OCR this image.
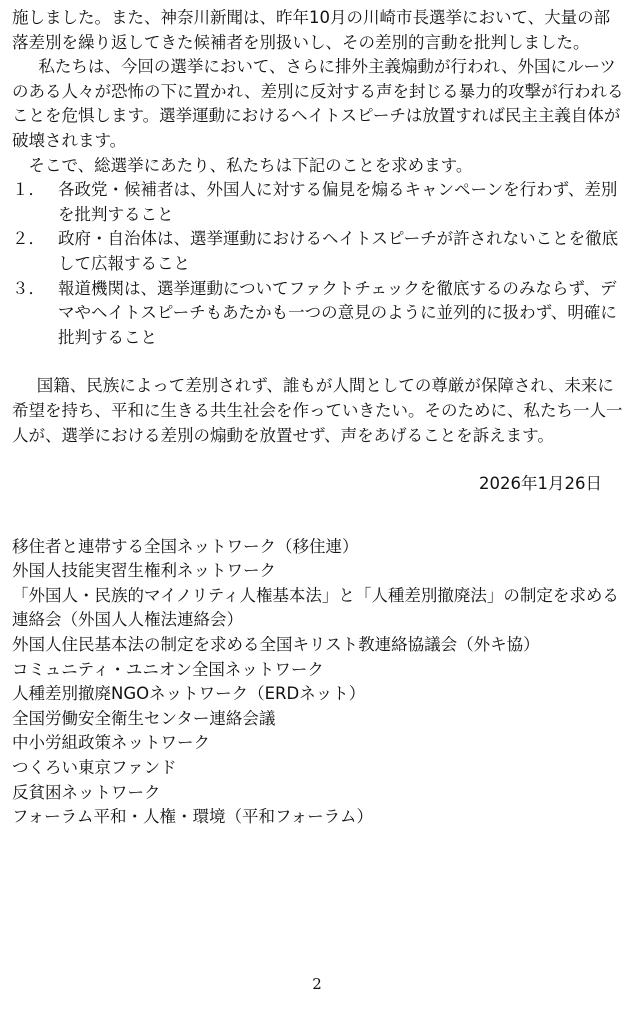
施しました。また、神奈川新聞は、昨年10月の川崎市長選挙において、大量の部落差別を繰り返してきた候補者を別扱いし、その差別的言動を批判しました。

私たちは、今回の選挙において、さらに排外主義煽動が行われ、外国にルーツのある人々が恐怖の下に置かれ、差別に反対する声を封じる暴力的攻撃が行われることを危惧します。選挙運動におけるヘイトスピーチは放置すれば民主主義自体が破壊されます。

そこで、総選挙にあたり、私たちは下記のことを求めます。

１． 各政党・候補者は、外国人に対する偏見を煽るキャンペーンを行わず、差別を批判すること
２． 政府・自治体は、選挙運動におけるヘイトスピーチが許されないことを徹底して広報すること
３． 報道機関は、選挙運動についてファクトチェックを徹底するのみならず、デマやヘイトスピーチもあたかも一つの意見のように並列的に扱わず、明確に批判すること

国籍、民族によって差別されず、誰もが人間としての尊厳が保障され、未来に希望を持ち、平和に生きる共生社会を作っていきたい。そのために、私たち一人一人が、選挙における差別の煽動を放置せず、声をあげることを訴えます。

2026年1月26日

移住者と連帯する全国ネットワーク（移住連）
外国人技能実習生権利ネットワーク
「外国人・民族的マイノリティ人権基本法」と「人種差別撤廃法」の制定を求める連絡会（外国人人権法連絡会）
外国人住民基本法の制定を求める全国キリスト教連絡協議会（外キ協）
コミュニティ・ユニオン全国ネットワーク
人種差別撤廃NGOネットワーク（ERDネット）
全国労働安全衛生センター連絡会議
中小労組政策ネットワーク
つくろい東京ファンド
反貧困ネットワーク
フォーラム平和・人権・環境（平和フォーラム）
2
